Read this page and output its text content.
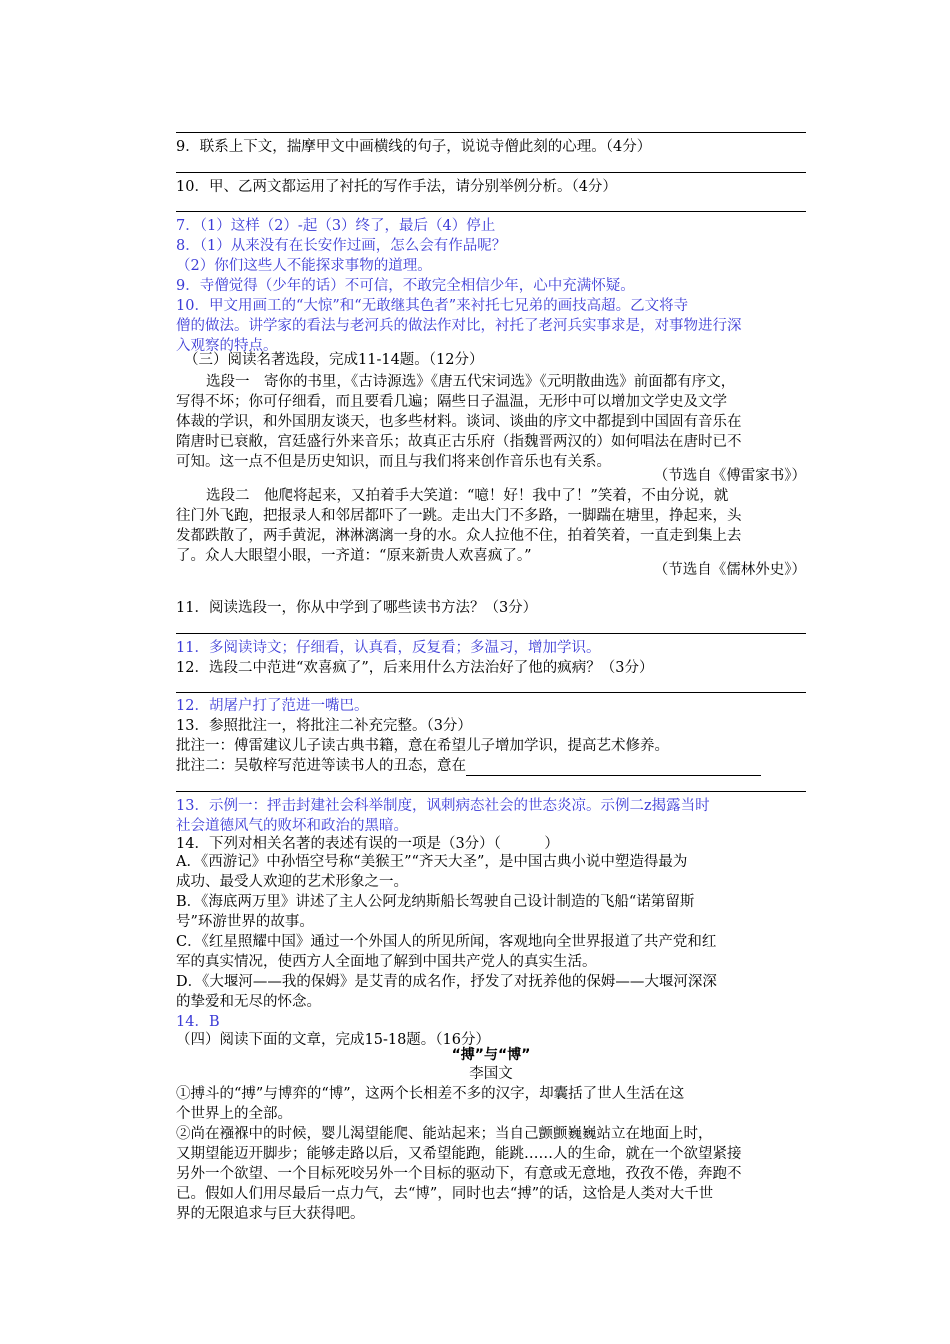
9．联系上下文，揣摩甲文中画横线的句子，说说寺僧此刻的心理。（4分）
10．甲、乙两文都运用了衬托的写作手法，请分别举例分析。（4分）
7．（1）这样（2）-起（3）终了，最后（4）停止
8．（1）从来没有在长安作过画，怎么会有作品呢？
（2）你们这些人不能探求事物的道理。
9．寺僧觉得（少年的话）不可信，不敢完全相信少年，心中充满怀疑。
10．甲文用画工的“大惊”和“无敢继其色者”来衬托七兄弟的画技高超。乙文将寺
僧的做法。讲学家的看法与老河兵的做法作对比，衬托了老河兵实事求是，对事物进行深
入观察的特点。
（三）阅读名著选段，完成11-14题。（12分）
选段一　寄你的书里，《古诗源选》《唐五代宋词选》《元明散曲选》前面都有序文，
写得不坏；你可仔细看，而且要看几遍；隔些日子温温，无形中可以增加文学史及文学
体裁的学识，和外国朋友谈天，也多些材料。谈词、谈曲的序文中都提到中国固有音乐在
隋唐时已衰敝，宫廷盛行外来音乐；故真正古乐府（指魏晋两汉的）如何唱法在唐时已不
可知。这一点不但是历史知识，而且与我们将来创作音乐也有关系。
（节选自《傅雷家书》）
选段二　他爬将起来，又拍着手大笑道：“噫！好！我中了！”笑着，不由分说，就
往门外飞跑，把报录人和邻居都吓了一跳。走出大门不多路，一脚踹在塘里，挣起来，头
发都跌散了，两手黄泥，淋淋漓漓一身的水。众人拉他不住，拍着笑着，一直走到集上去
了。众人大眼望小眼，一齐道：“原来新贵人欢喜疯了。”
（节选自《儒林外史》）
11．阅读选段一，你从中学到了哪些读书方法？（3分）
11．多阅读诗文；仔细看，认真看，反复看；多温习，增加学识。
12．选段二中范进“欢喜疯了”，后来用什么方法治好了他的疯病？（3分）
12．胡屠户打了范进一嘴巴。
13．参照批注一，将批注二补充完整。（3分）
批注一：傅雷建议儿子读古典书籍，意在希望儿子增加学识，提高艺术修养。
批注二：吴敬梓写范进等读书人的丑态，意在
13．示例一：抨击封建社会科举制度，讽刺病态社会的世态炎凉。示例二z揭露当时
社会道德风气的败坏和政治的黑暗。
14．下列对相关名著的表述有误的一项是（3分）（　　　）
A．《西游记》中孙悟空号称“美猴王”“齐天大圣”，是中国古典小说中塑造得最为
成功、最受人欢迎的艺术形象之一。
B．《海底两万里》讲述了主人公阿龙纳斯船长驾驶自己设计制造的飞船“诺第留斯
号”环游世界的故事。
C．《红星照耀中国》通过一个外国人的所见所闻，客观地向全世界报道了共产党和红
军的真实情况，使西方人全面地了解到中国共产党人的真实生活。
D．《大堰河——我的保姆》是艾青的成名作，抒发了对抚养他的保姆——大堰河深深
的挚爱和无尽的怀念。
14．B
（四）阅读下面的文章，完成15-18题。（16分）
“搏”与“博”
李国文
①搏斗的“搏”与博弈的“博”，这两个长相差不多的汉字，却囊括了世人生活在这
个世界上的全部。
②尚在襁褓中的时候，婴儿渴望能爬、能站起来；当自己颤颤巍巍站立在地面上时，
又期望能迈开脚步；能够走路以后，又希望能跑，能跳……人的生命，就在一个欲望紧接
另外一个欲望、一个目标死咬另外一个目标的驱动下，有意或无意地，孜孜不倦，奔跑不
已。假如人们用尽最后一点力气，去“博”，同时也去“搏”的话，这恰是人类对大千世
界的无限追求与巨大获得吧。
